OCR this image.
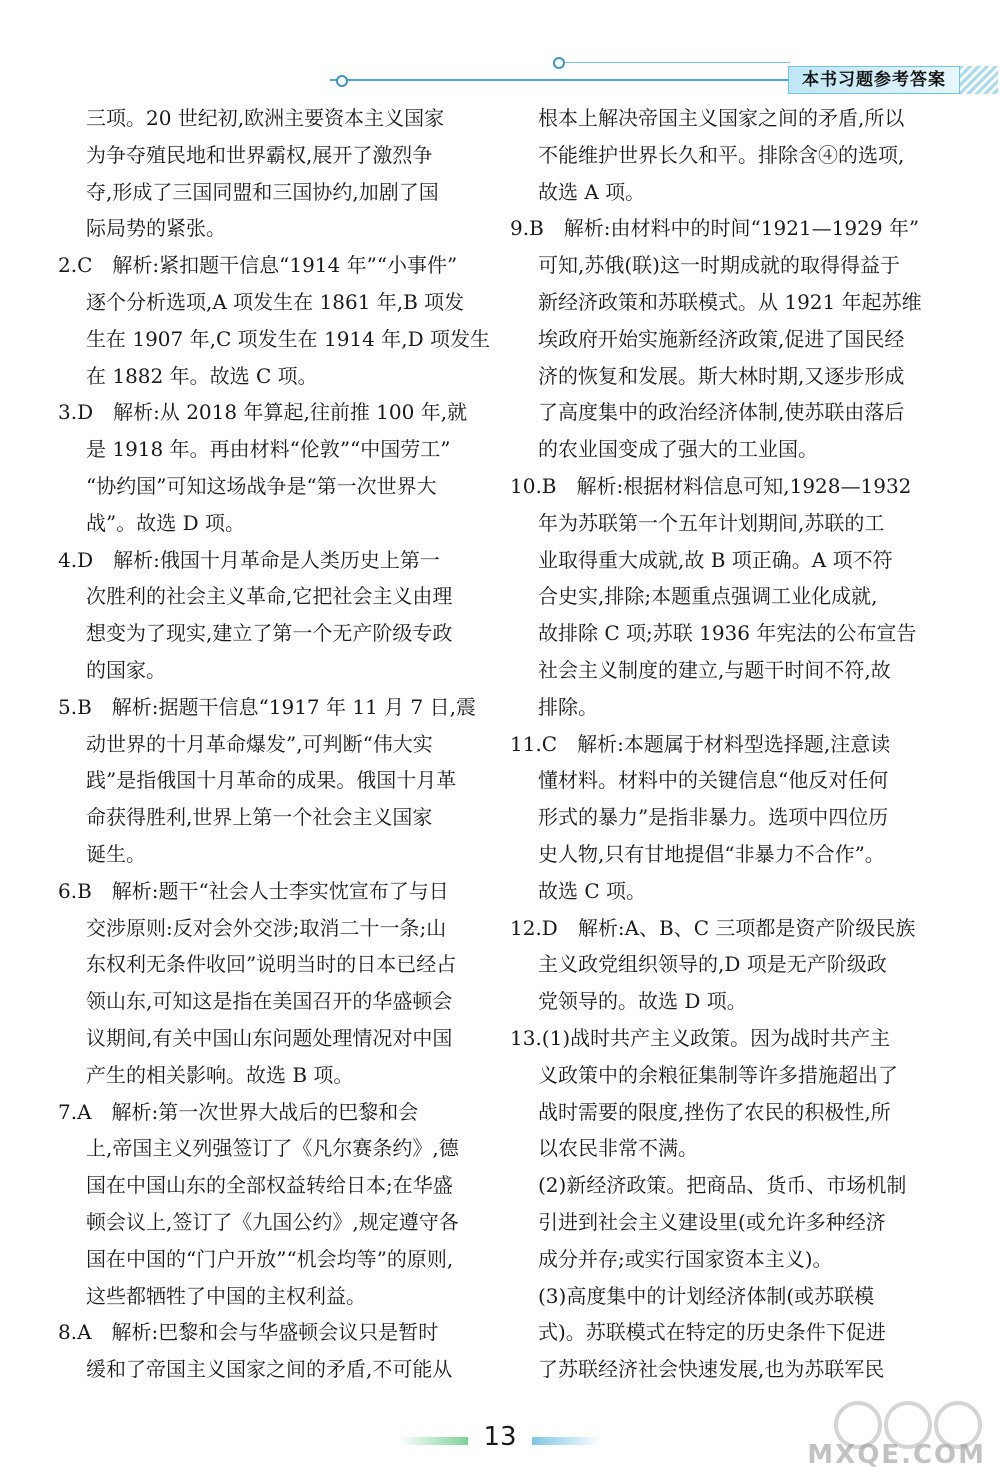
本书习题参考答案
三项。20 世纪初,欧洲主要资本主义国家
为争夺殖民地和世界霸权,展开了激烈争
夺,形成了三国同盟和三国协约,加剧了国
际局势的紧张。
2.C　解析:紧扣题干信息“1914 年”“小事件”
逐个分析选项,A 项发生在 1861 年,B 项发
生在 1907 年,C 项发生在 1914 年,D 项发生
在 1882 年。故选 C 项。
3.D　解析:从 2018 年算起,往前推 100 年,就
是 1918 年。再由材料“伦敦”“中国劳工”
“协约国”可知这场战争是“第一次世界大
战”。故选 D 项。
4.D　解析:俄国十月革命是人类历史上第一
次胜利的社会主义革命,它把社会主义由理
想变为了现实,建立了第一个无产阶级专政
的国家。
5.B　解析:据题干信息“1917 年 11 月 7 日,震
动世界的十月革命爆发”,可判断“伟大实
践”是指俄国十月革命的成果。俄国十月革
命获得胜利,世界上第一个社会主义国家
诞生。
6.B　解析:题干“社会人士李实忱宣布了与日
交涉原则:反对会外交涉;取消二十一条;山
东权利无条件收回”说明当时的日本已经占
领山东,可知这是指在美国召开的华盛顿会
议期间,有关中国山东问题处理情况对中国
产生的相关影响。故选 B 项。
7.A　解析:第一次世界大战后的巴黎和会
上,帝国主义列强签订了《凡尔赛条约》,德
国在中国山东的全部权益转给日本;在华盛
顿会议上,签订了《九国公约》,规定遵守各
国在中国的“门户开放”“机会均等”的原则,
这些都牺牲了中国的主权利益。
8.A　解析:巴黎和会与华盛顿会议只是暂时
缓和了帝国主义国家之间的矛盾,不可能从
根本上解决帝国主义国家之间的矛盾,所以
不能维护世界长久和平。排除含④的选项,
故选 A 项。
9.B　解析:由材料中的时间“1921—1929 年”
可知,苏俄(联)这一时期成就的取得得益于
新经济政策和苏联模式。从 1921 年起苏维
埃政府开始实施新经济政策,促进了国民经
济的恢复和发展。斯大林时期,又逐步形成
了高度集中的政治经济体制,使苏联由落后
的农业国变成了强大的工业国。
10.B　解析:根据材料信息可知,1928—1932
年为苏联第一个五年计划期间,苏联的工
业取得重大成就,故 B 项正确。A 项不符
合史实,排除;本题重点强调工业化成就,
故排除 C 项;苏联 1936 年宪法的公布宣告
社会主义制度的建立,与题干时间不符,故
排除。
11.C　解析:本题属于材料型选择题,注意读
懂材料。材料中的关键信息“他反对任何
形式的暴力”是指非暴力。选项中四位历
史人物,只有甘地提倡“非暴力不合作”。
故选 C 项。
12.D　解析:A、B、C 三项都是资产阶级民族
主义政党组织领导的,D 项是无产阶级政
党领导的。故选 D 项。
13.(1)战时共产主义政策。因为战时共产主
义政策中的余粮征集制等许多措施超出了
战时需要的限度,挫伤了农民的积极性,所
以农民非常不满。
(2)新经济政策。把商品、货币、市场机制
引进到社会主义建设里(或允许多种经济
成分并存;或实行国家资本主义)。
(3)高度集中的计划经济体制(或苏联模
式)。苏联模式在特定的历史条件下促进
了苏联经济社会快速发展,也为苏联军民
13
MXQE.COM
